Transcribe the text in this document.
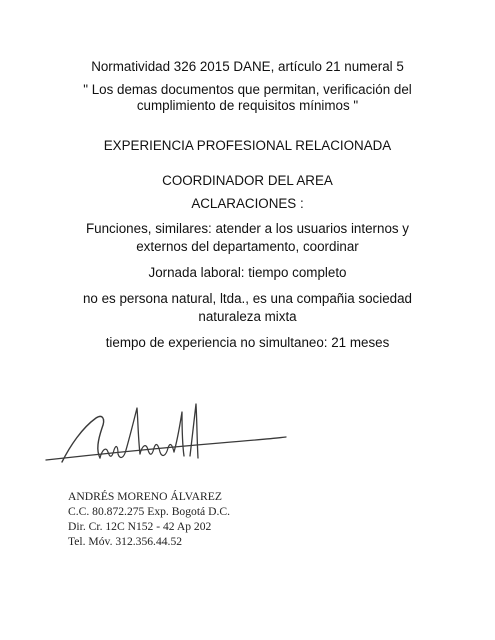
Normatividad 326 2015 DANE, artículo 21 numeral 5
" Los demas documentos que permitan, verificación del
cumplimiento de requisitos mínimos "
EXPERIENCIA PROFESIONAL RELACIONADA
COORDINADOR DEL AREA
ACLARACIONES :
Funciones, similares: atender a los usuarios internos y
externos del departamento, coordinar
Jornada laboral: tiempo completo
no es persona natural, ltda., es una compañia sociedad
naturaleza mixta
tiempo de experiencia no simultaneo: 21 meses
ANDRÉS MORENO ÁLVAREZ
C.C. 80.872.275 Exp. Bogotá D.C.
Dir. Cr. 12C N152 - 42 Ap 202
Tel. Móv. 312.356.44.52
